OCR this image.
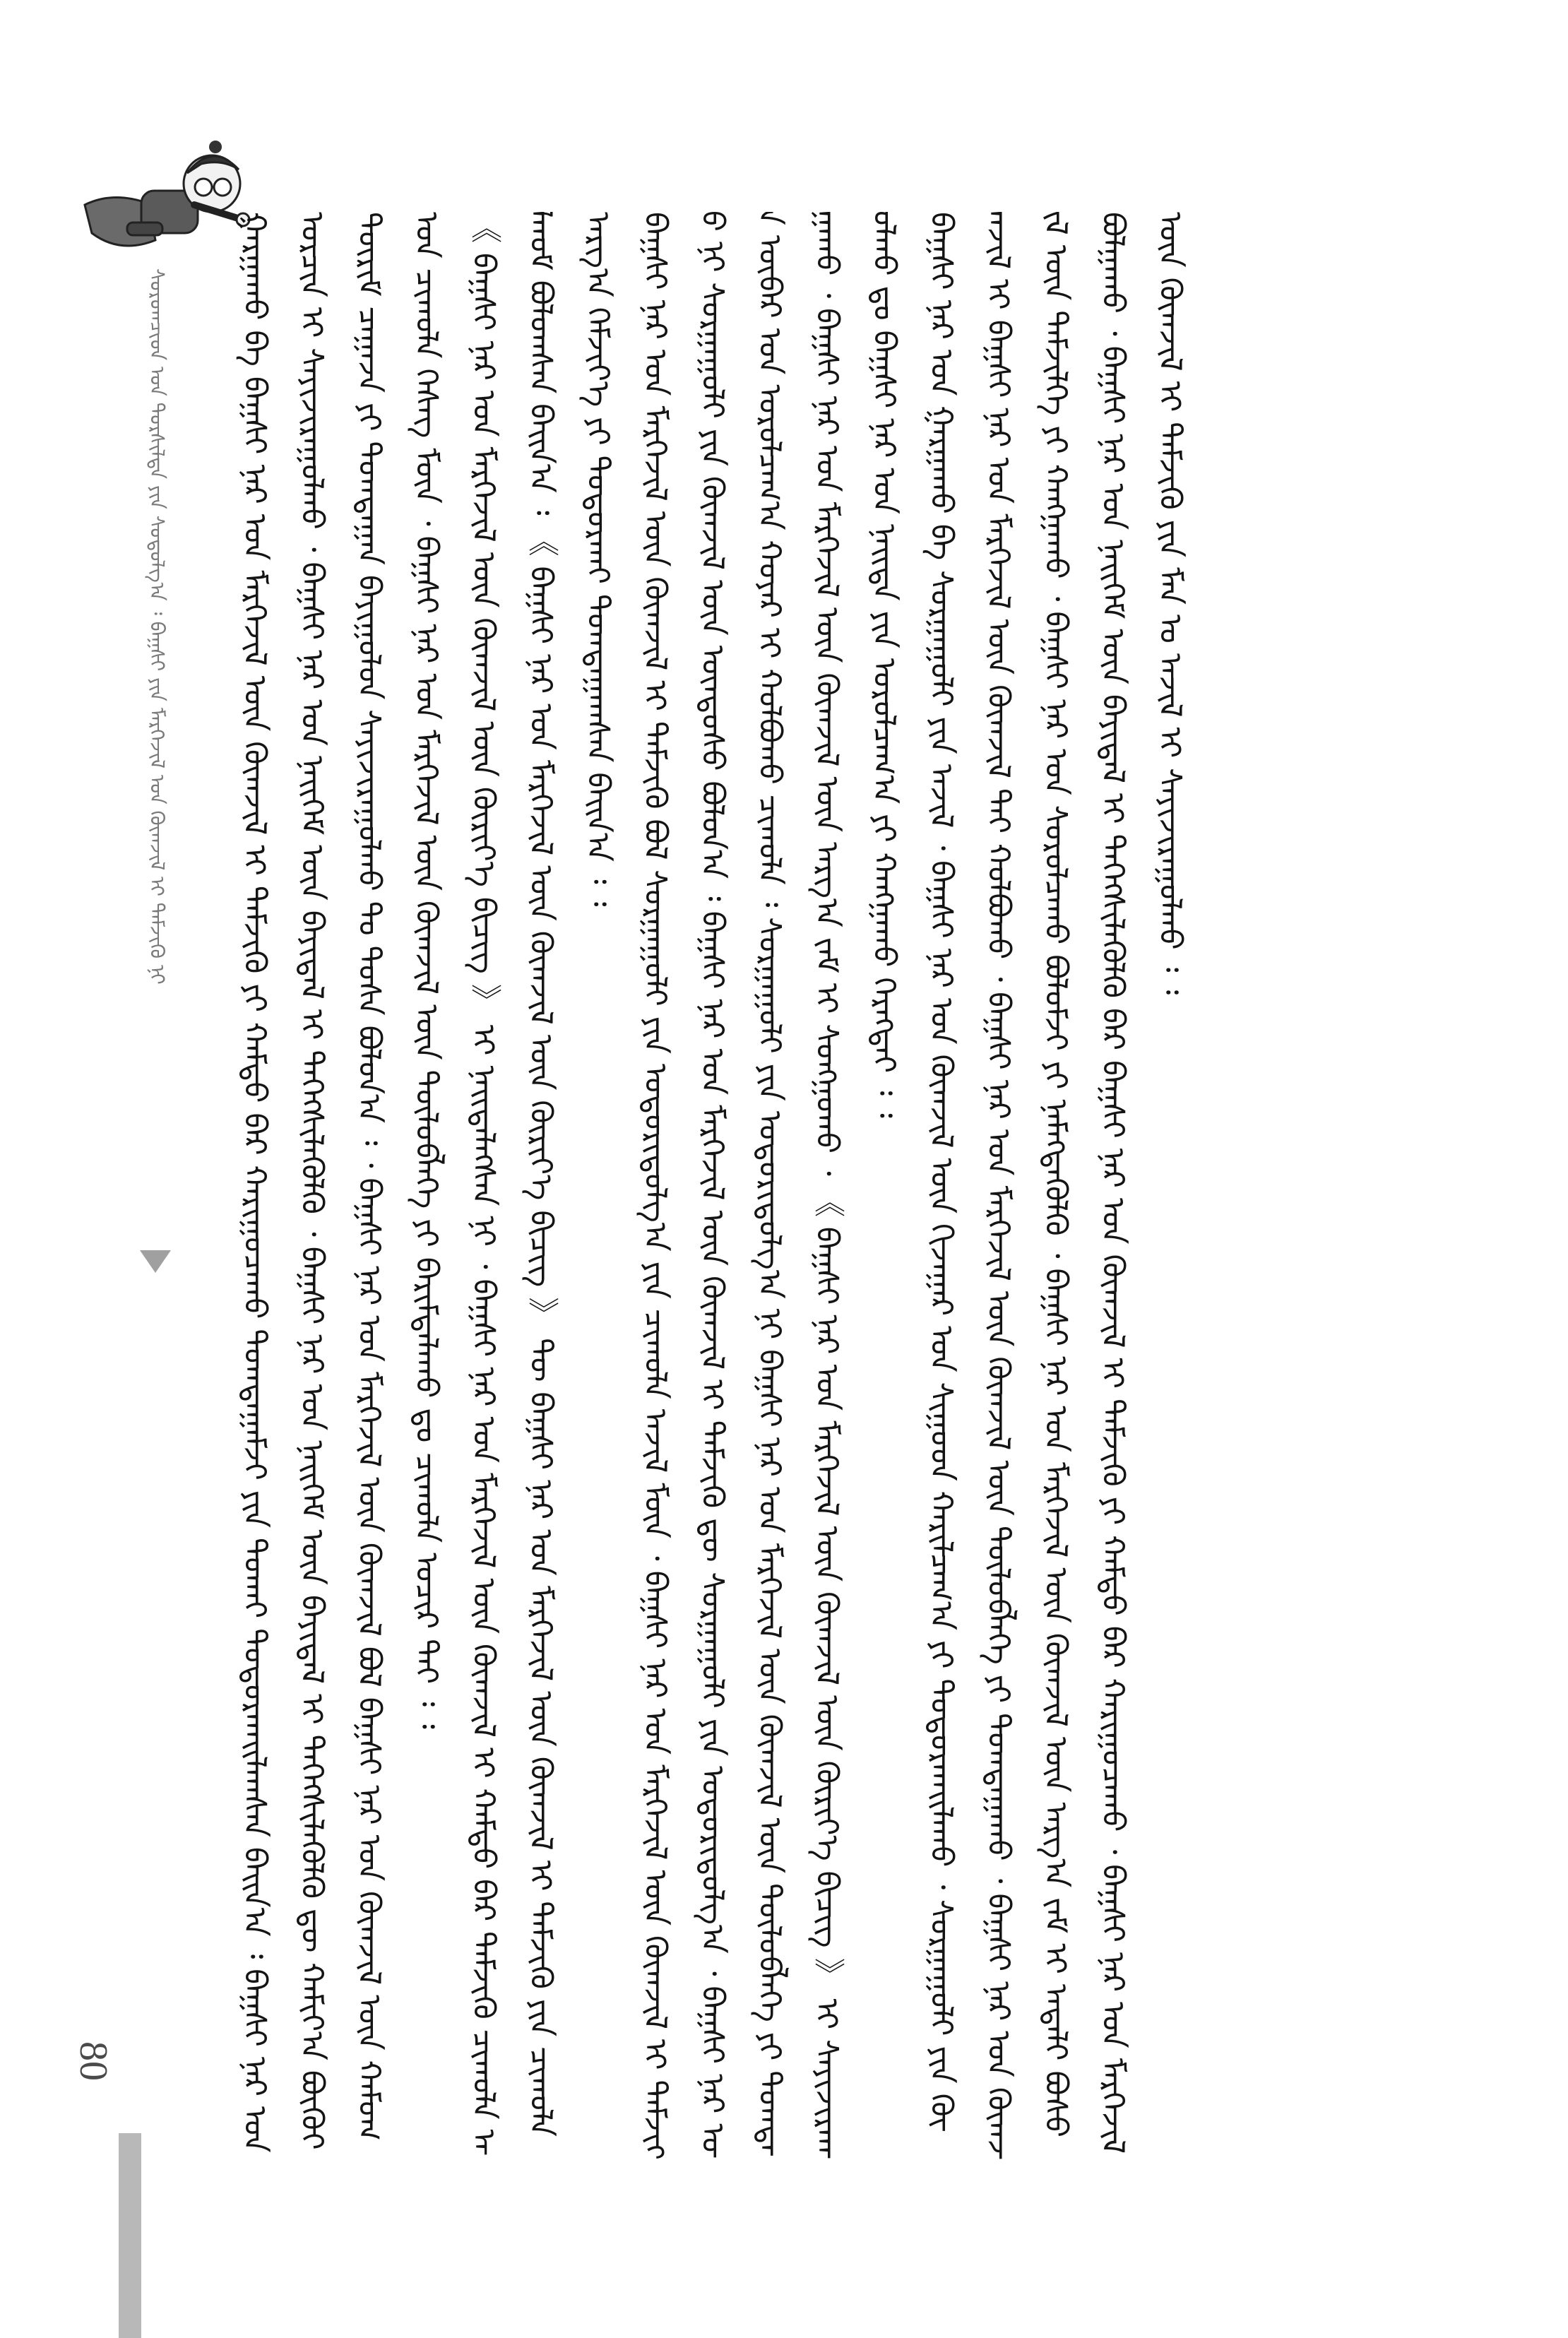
ᠰᠤᠷᠤᠭᠴᠢᠳ ᠤᠨ ᠲᠤᠷᠰᠢᠯᠲᠠ ᠶᠢᠨ ᠰᠤᠳᠤᠯᠭ᠎ᠠ ᠄ ᠪᠠᠭ᠋ᠰᠢ ᠶᠢᠨ ᠮᠡᠷᠭᠡᠵᠢᠯ ᠤᠨ ᠬᠥᠭ᠍ᠵᠢᠯ ᠢ ᠳᠡᠮᠵᠢᠬᠦ ᠨᠢ
80	ᠭᠠᠷᠭᠠᠬᠤ ᠪᠠ ᠪᠠᠭ᠋ᠰᠢ ᠨᠠᠷ ᠤᠨ ᠮᠡᠷᠭᠡᠵᠢᠯ ᠦᠨ ᠬᠥᠭ᠍ᠵᠢᠯ ᠢ ᠳᠡᠮᠵᠢᠬᠦ ᠶᠢ ᠬᠠᠮᠲᠤ ᠪᠡᠷ ᠬᠠᠷᠢᠭᠤᠴᠠᠬᠤ ᠲᠣᠭᠲᠠᠭᠠᠮᠵᠢ ᠶᠢᠨ ᠲᠤᠬᠠᠢ ᠲᠣᠳᠣᠷᠬᠠᠢᠯᠠᠭᠰᠠᠨ ᠪᠠᠢᠨ᠎ᠠ ᠄ ᠪᠠᠭ᠋ᠰᠢ ᠨᠠᠷ ᠤᠨ ᠤᠷᠴᠢᠨ ᠢ ᠰᠠᠶᠢᠵᠢᠷᠠᠭᠤᠯᠬᠤ ᠂ ᠪᠠᠭ᠋ᠰᠢ ᠨᠠᠷ ᠤᠨ ᠨᠡᠢᠭᠡᠮ ᠦᠨ ᠪᠠᠶᠢᠳᠠᠯ ᠢ ᠳᠡᠭᠡᠭᠰᠢᠯᠡᠭᠦᠯᠬᠦ ᠂ ᠪᠠᠭ᠋ᠰᠢ ᠨᠠᠷ ᠤᠨ ᠨᠡᠢᠭᠡᠮ ᠦᠨ ᠪᠠᠶᠢᠳᠠᠯ ᠢ ᠳᠡᠭᠡᠭᠰᠢᠯᠡᠭᠦᠯᠬᠦ ᠳᠦ ᠬᠠᠮᠢᠶ᠎ᠠ ᠪᠦᠬᠦᠢ ᠳᠦᠷᠢᠮ ᠴᠠᠭᠠᠵᠠ ᠶᠢ ᠲᠣᠭᠲᠠᠭᠠᠨ ᠪᠠᠶᠢᠭᠤᠯᠤᠨ ᠰᠠᠶᠢᠵᠢᠷᠠᠭᠤᠯᠬᠤ ᠲᠤ ᠲᠤᠰᠠ ᠪᠤᠯᠤᠨ᠎ᠠ ᠄ ᠂ ᠪᠠᠭ᠋ᠰᠢ ᠨᠠᠷ ᠤᠨ ᠮᠡᠷᠭᠡᠵᠢᠯ ᠦᠨ ᠬᠥᠭ᠍ᠵᠢᠯ ᠪᠣᠯ ᠪᠠᠭ᠋ᠰᠢ ᠨᠠᠷ ᠤᠨ ᠬᠥᠭ᠍ᠵᠢᠯ ᠦᠨ ᠬᠠᠮᠤᠭ ᠤᠨ ᠴᠢᠬᠤᠯᠠ ᠬᠡᠰᠡᠭ ᠮᠥᠨ ᠂ ᠪᠠᠭ᠋ᠰᠢ ᠨᠠᠷ ᠤᠨ ᠮᠡᠷᠭᠡᠵᠢᠯ ᠦᠨ ᠬᠥᠭ᠍ᠵᠢᠯ ᠦᠨ ᠲᠥᠯᠦᠪᠯᠡᠭᠡ ᠶᠢ ᠪᠠᠷᠢᠮᠲᠠᠯᠠᠬᠤ ᠳᠤ ᠴᠢᠬᠤᠯᠠ ᠤᠴᠢᠷ ᠲᠠᠢ ᠄ ᠄ 《 ᠪᠠᠭ᠋ᠰᠢ ᠨᠠᠷ ᠤᠨ ᠮᠡᠷᠭᠡᠵᠢᠯ ᠦᠨ ᠬᠥᠭ᠍ᠵᠢᠯ ᠦᠨ ᠬᠦᠷᠢᠶ᠎ᠡ ᠪᠢᠴᠢᠭ 》 ᠢ ᠨᠡᠢᠲᠡᠯᠡᠭᠰᠡᠨ ᠨᠢ ᠂ ᠪᠠᠭ᠋ᠰᠢ ᠨᠠᠷ ᠤᠨ ᠮᠡᠷᠭᠡᠵᠢᠯ ᠦᠨ ᠬᠥᠭ᠍ᠵᠢᠯ ᠢ ᠬᠠᠮᠲᠤ ᠪᠡᠷ ᠳᠡᠮᠵᠢᠬᠦ ᠴᠢᠬᠤᠯᠠ ᠠᠯᠬᠤᠮ ᠪᠣᠯᠤᠭᠰᠠᠨ ᠪᠠᠢᠨ᠎ᠠ ᠄ 《 ᠪᠠᠭ᠋ᠰᠢ ᠨᠠᠷ ᠤᠨ ᠮᠡᠷᠭᠡᠵᠢᠯ ᠦᠨ ᠬᠥᠭ᠍ᠵᠢᠯ ᠦᠨ ᠬᠦᠷᠢᠶ᠎ᠡ ᠪᠢᠴᠢᠭ 》 ᠲᠦ ᠪᠠᠭ᠋ᠰᠢ ᠨᠠᠷ ᠤᠨ ᠮᠡᠷᠭᠡᠵᠢᠯ ᠦᠨ ᠬᠥᠭ᠍ᠵᠢᠯ ᠢ ᠳᠡᠮᠵᠢᠬᠦ ᠶᠢᠨ ᠴᠢᠬᠤᠯᠠ ᠠᠷᠭ᠎ᠠ ᠬᠡᠮᠵᠢᠶ᠎ᠡ ᠶᠢ ᠲᠣᠳᠣᠷᠬᠠᠢ ᠲᠣᠭᠲᠠᠭᠠᠭᠰᠠᠨ ᠪᠠᠢᠨ᠎ᠠ ᠄ ᠄ ᠪᠠᠭ᠋ᠰᠢ ᠨᠠᠷ ᠤᠨ ᠮᠡᠷᠭᠡᠵᠢᠯ ᠦᠨ ᠬᠥᠭ᠍ᠵᠢᠯ ᠢ ᠳᠡᠮᠵᠢᠬᠦ ᠪᠣᠯ ᠰᠤᠷᠭᠠᠭᠤᠯᠢ ᠶᠢᠨ ᠤᠳᠤᠷᠢᠳᠤᠯᠭ᠎ᠠ ᠶᠢᠨ ᠴᠢᠬᠤᠯᠠ ᠠᠵᠢᠯ ᠮᠥᠨ ᠂ ᠪᠠᠭ᠋ᠰᠢ ᠨᠠᠷ ᠤᠨ ᠮᠡᠷᠭᠡᠵᠢᠯ ᠦᠨ ᠬᠥᠭ᠍ᠵᠢᠯ ᠢ ᠳᠡᠮᠵᠢᠬᠦ ᠨᠢ ᠰᠤᠷᠭᠠᠭᠤᠯᠢ ᠶᠢᠨ ᠬᠥᠭ᠍ᠵᠢᠯ ᠦᠨ ᠦᠨᠳᠦᠰᠦ ᠪᠣᠯᠤᠨ᠎ᠠ ᠄ ᠪᠠᠭ᠋ᠰᠢ ᠨᠠᠷ ᠤᠨ ᠮᠡᠷᠭᠡᠵᠢᠯ ᠦᠨ ᠬᠥᠭ᠍ᠵᠢᠯ ᠢ ᠳᠡᠮᠵᠢᠬᠦ ᠳᠦ ᠰᠤᠷᠭᠠᠭᠤᠯᠢ ᠶᠢᠨ ᠤᠳᠤᠷᠢᠳᠤᠯᠭ᠎ᠠ ᠂ ᠪᠠᠭ᠋ᠰᠢ ᠨᠠᠷ ᠤᠨ ᠥᠪᠡᠷ ᠤᠨ ᠣᠷᠤᠯᠴᠠᠭ᠎ᠠ ᠬᠣᠶᠠᠷ ᠢ ᠬᠣᠯᠪᠣᠬᠤ ᠴᠢᠬᠤᠯᠠ ᠄ ᠰᠤᠷᠭᠠᠭᠤᠯᠢ ᠶᠢᠨ ᠤᠳᠤᠷᠢᠳᠤᠯᠭ᠎ᠠ ᠨᠢ ᠪᠠᠭ᠋ᠰᠢ ᠨᠠᠷ ᠤᠨ ᠮᠡᠷᠭᠡᠵᠢᠯ ᠦᠨ ᠬᠥᠭ᠍ᠵᠢᠯ ᠦᠨ ᠲᠥᠯᠦᠪᠯᠡᠭᠡ ᠶᠢ ᠲᠣᠭᠲᠠᠭᠠᠬᠤ ᠂ ᠪᠠᠭ᠋ᠰᠢ ᠨᠠᠷ ᠤᠨ ᠮᠡᠷᠭᠡᠵᠢᠯ ᠦᠨ ᠬᠥᠭ᠍ᠵᠢᠯ ᠦᠨ ᠠᠷᠭ᠎ᠠ ᠵᠠᠮ ᠢ ᠰᠣᠩᠭᠣᠬᠤ ᠂ 《 ᠪᠠᠭ᠋ᠰᠢ ᠨᠠᠷ ᠤᠨ ᠮᠡᠷᠭᠡᠵᠢᠯ ᠦᠨ ᠬᠥᠭ᠍ᠵᠢᠯ ᠦᠨ ᠬᠦᠷᠢᠶ᠎ᠡ ᠪᠢᠴᠢᠭ 》 ᠢ ᠰᠠᠶᠢᠵᠢᠷᠠᠭᠤᠯᠬᠤ ᠳᠤ ᠪᠠᠭ᠋ᠰᠢ ᠨᠠᠷ ᠤᠨ ᠨᠡᠢᠲᠡ ᠶᠢᠨ ᠣᠷᠤᠯᠴᠠᠭ᠎ᠠ ᠶᠢ ᠬᠠᠩᠭᠠᠬᠤ ᠬᠡᠷᠡᠭᠲᠡᠢ ᠄ ᠄ ᠪᠠᠭ᠋ᠰᠢ ᠨᠠᠷ ᠤᠨ ᠭᠠᠷᠭᠠᠬᠤ ᠪᠠ ᠰᠤᠷᠭᠠᠭᠤᠯᠢ ᠶᠢᠨ ᠠᠵᠢᠯ ᠂ ᠪᠠᠭ᠋ᠰᠢ ᠨᠠᠷ ᠤᠨ ᠬᠥᠭ᠍ᠵᠢᠯ ᠦᠨ ᠬᠢᠵᠠᠭᠠᠷ ᠤᠨ ᠰᠢᠭᠤᠳ ᠬᠠᠷᠢᠯᠴᠠᠭ᠎ᠠ ᠶᠢ ᠲᠣᠳᠣᠷᠬᠠᠢᠯᠠᠬᠤ ᠂ ᠰᠤᠷᠭᠠᠭᠤᠯᠢ ᠶᠢᠨ ᠬᠥᠭ᠍ᠵᠢᠯ ᠢ ᠪᠠᠭ᠋ᠰᠢ ᠨᠠᠷ ᠤᠨ ᠮᠡᠷᠭᠡᠵᠢᠯ ᠦᠨ ᠬᠥᠭ᠍ᠵᠢᠯ ᠲᠡᠢ ᠬᠣᠯᠪᠣᠬᠤ ᠂ ᠪᠠᠭ᠋ᠰᠢ ᠨᠠᠷ ᠤᠨ ᠮᠡᠷᠭᠡᠵᠢᠯ ᠦᠨ ᠬᠥᠭ᠍ᠵᠢᠯ ᠦᠨ ᠲᠥᠯᠦᠪᠯᠡᠭᠡ ᠶᠢ ᠲᠣᠭᠲᠠᠭᠠᠬᠤ ᠂ ᠪᠠᠭ᠋ᠰᠢ ᠨᠠᠷ ᠤᠨ ᠬᠥᠭ᠍ᠵᠢᠯ ᠦᠨ ᠳᠡᠮᠵᠢᠯᠭᠡ ᠶᠢ ᠬᠠᠩᠭᠠᠬᠤ ᠂ ᠪᠠᠭ᠋ᠰᠢ ᠨᠠᠷ ᠤᠨ ᠰᠤᠷᠤᠯᠴᠠᠬᠤ ᠪᠣᠯᠤᠮᠵᠢ ᠶᠢ ᠨᠡᠮᠡᠭᠳᠡᠭᠦᠯᠬᠦ ᠂ ᠪᠠᠭ᠋ᠰᠢ ᠨᠠᠷ ᠤᠨ ᠮᠡᠷᠭᠡᠵᠢᠯ ᠦᠨ ᠬᠥᠭ᠍ᠵᠢᠯ ᠦᠨ ᠠᠷᠭ᠎ᠠ ᠵᠠᠮ ᠢ ᠠᠳᠠᠯᠢ ᠪᠤᠰᠤ ᠪᠣᠯᠭᠠᠬᠤ ᠂ ᠪᠠᠭ᠋ᠰᠢ ᠨᠠᠷ ᠤᠨ ᠨᠡᠢᠭᠡᠮ ᠦᠨ ᠪᠠᠶᠢᠳᠠᠯ ᠢ ᠳᠡᠭᠡᠭᠰᠢᠯᠡᠭᠦᠯᠬᠦ ᠪᠡᠷ ᠪᠠᠭ᠋ᠰᠢ ᠨᠠᠷ ᠤᠨ ᠬᠥᠭ᠍ᠵᠢᠯ ᠢ ᠳᠡᠮᠵᠢᠬᠦ ᠶᠢ ᠬᠠᠮᠲᠤ ᠪᠡᠷ ᠬᠠᠷᠢᠭᠤᠴᠠᠬᠤ ᠂ ᠪᠠᠭ᠋ᠰᠢ ᠨᠠᠷ ᠤᠨ ᠮᠡᠷᠭᠡᠵᠢᠯ ᠦᠨ ᠬᠥᠭ᠍ᠵᠢᠯ ᠢ ᠳᠡᠮᠵᠢᠬᠦ ᠶᠢᠨ ᠮᠠᠨ ᠤ ᠠᠵᠢᠯ ᠢ ᠰᠠᠶᠢᠵᠢᠷᠠᠭᠤᠯᠬᠤ ᠄ ᠄
